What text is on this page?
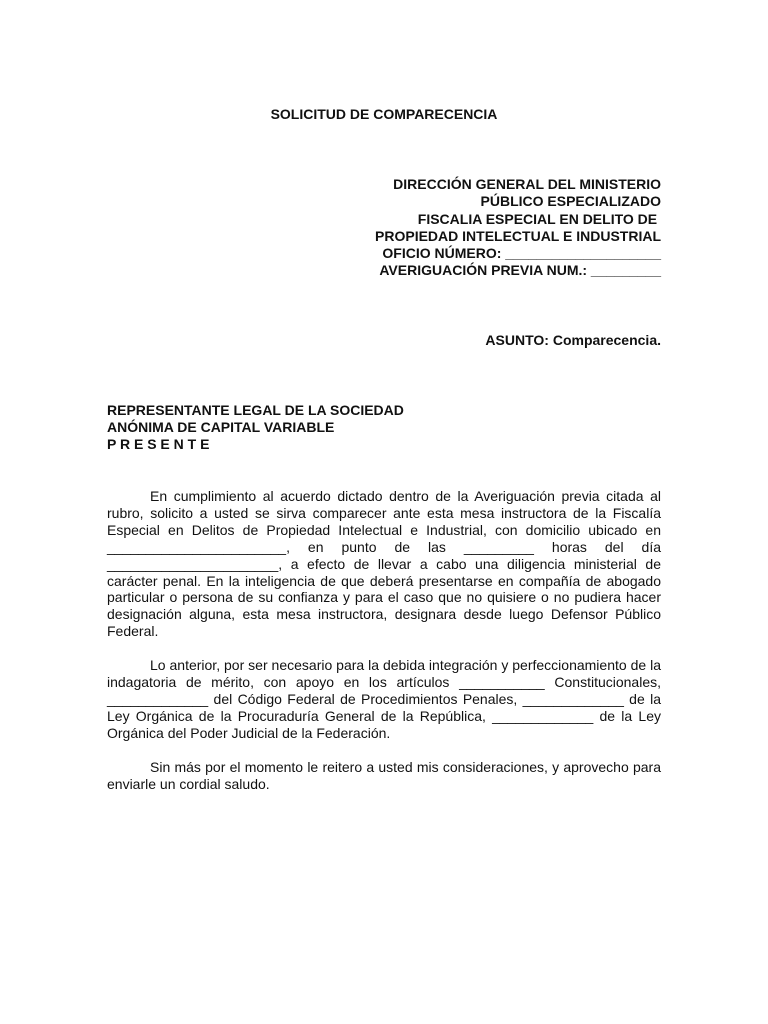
SOLICITUD DE COMPARECENCIA
DIRECCIÓN GENERAL DEL MINISTERIO
PÚBLICO ESPECIALIZADO
FISCALIA ESPECIAL EN DELITO DE
PROPIEDAD INTELECTUAL E INDUSTRIAL
OFICIO NÚMERO: ____________________
AVERIGUACIÓN PREVIA NUM.: _________
ASUNTO: Comparecencia.
REPRESENTANTE LEGAL DE LA SOCIEDAD
ANÓNIMA DE CAPITAL VARIABLE
P R E S E N T E

En cumplimiento al acuerdo dictado dentro de la Averiguación previa citada al rubro, solicito a usted se sirva comparecer ante esta mesa instructora de la Fiscalía Especial en Delitos de Propiedad Intelectual e Industrial, con domicilio ubicado en _______________________, en punto de las _________ horas del día ______________________, a efecto de llevar a cabo una diligencia ministerial de carácter penal. En la inteligencia de que deberá presentarse en compañía de abogado particular o persona de su confianza y para el caso que no quisiere o no pudiera hacer designación alguna, esta mesa instructora, designara desde luego Defensor Público Federal.

Lo anterior, por ser necesario para la debida integración y perfeccionamiento de la indagatoria de mérito, con apoyo en los artículos ___________ Constitucionales, _____________ del Código Federal de Procedimientos Penales, _____________ de la Ley Orgánica de la Procuraduría General de la República, _____________ de la Ley Orgánica del Poder Judicial de la Federación.

Sin más por el momento le reitero a usted mis consideraciones, y aprovecho para enviarle un cordial saludo.
